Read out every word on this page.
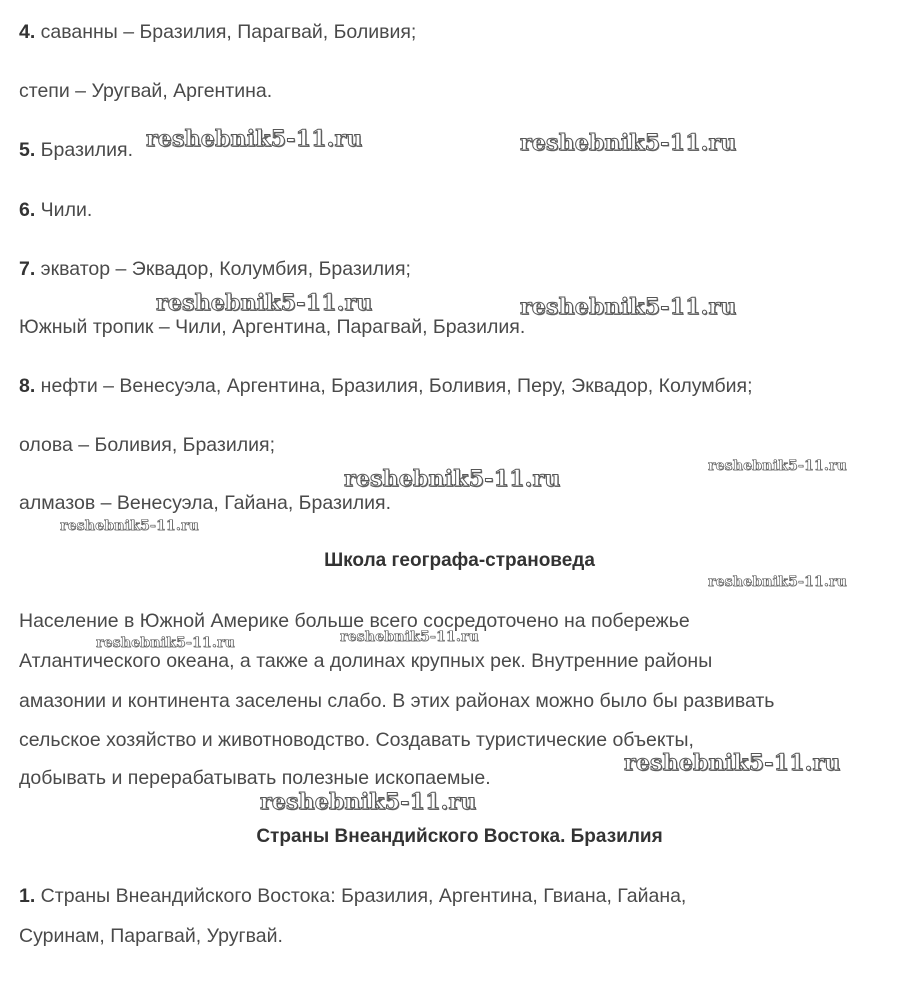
4. саванны – Бразилия, Парагвай, Боливия;
степи – Уругвай, Аргентина.
5. Бразилия.
6. Чили.
7. экватор – Эквадор, Колумбия, Бразилия;
Южный тропик – Чили, Аргентина, Парагвай, Бразилия.
8. нефти – Венесуэла, Аргентина, Бразилия, Боливия, Перу, Эквадор, Колумбия;
олова – Боливия, Бразилия;
алмазов – Венесуэла, Гайана, Бразилия.
Школа географа-страноведа
Население в Южной Америке больше всего сосредоточено на побережье
Атлантического океана, а также а долинах крупных рек. Внутренние районы
амазонии и континента заселены слабо. В этих районах можно было бы развивать
сельское хозяйство и животноводство. Создавать туристические объекты,
добывать и перерабатывать полезные ископаемые.
Страны Внеандийского Востока. Бразилия
1. Страны Внеандийского Востока: Бразилия, Аргентина, Гвиана, Гайана,
Суринам, Парагвай, Уругвай.
reshebnik5-11.ru	reshebnik5-11.ru
reshebnik5-11.ru	reshebnik5-11.ru
reshebnik5-11.ru	reshebnik5-11.ru
reshebnik5-11.ru
reshebnik5-11.ru
reshebnik5-11.ru	reshebnik5-11.ru
reshebnik5-11.ru
reshebnik5-11.ru
